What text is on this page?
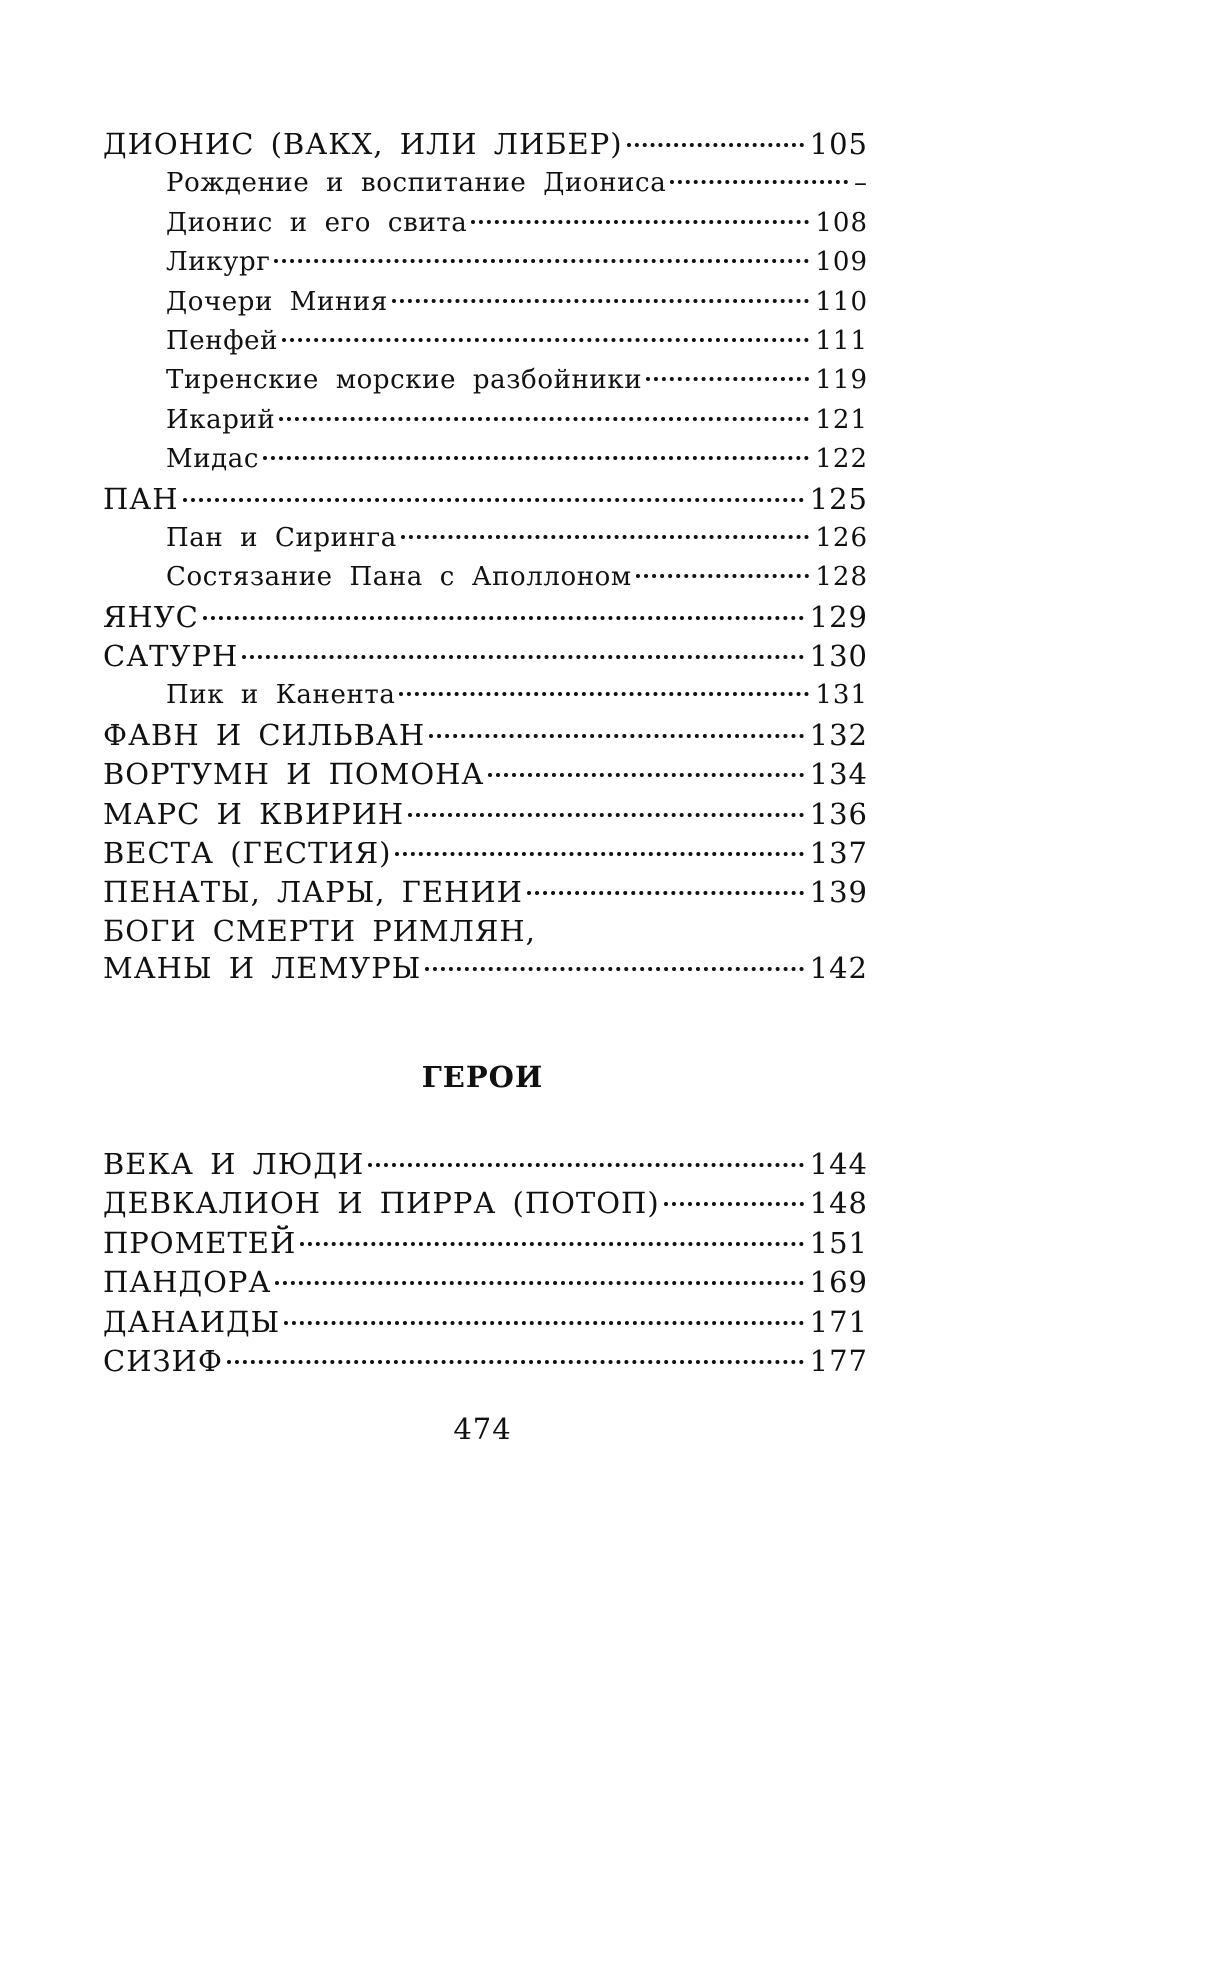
ДИОНИС (ВАКХ, ИЛИ ЛИБЕР)	105
Рождение и воспитание Диониса	–
Дионис и его свита	108
Ликург	109
Дочери Миния	110
Пенфей	111
Тиренские морские разбойники	119
Икарий	121
Мидас	122
ПАН	125
Пан и Сиринга	126
Состязание Пана с Аполлоном	128
ЯНУС	129
САТУРН	130
Пик и Канента	131
ФАВН И СИЛЬВАН	132
ВОРТУМН И ПОМОНА	134
МАРС И КВИРИН	136
ВЕСТА (ГЕСТИЯ)	137
ПЕНАТЫ, ЛАРЫ, ГЕНИИ	139
БОГИ СМЕРТИ РИМЛЯН,
МАНЫ И ЛЕМУРЫ	142
ГЕРОИ
ВЕКА И ЛЮДИ	144
ДЕВКАЛИОН И ПИРРА (ПОТОП)	148
ПРОМЕТЕЙ	151
ПАНДОРА	169
ДАНАИДЫ	171
СИЗИФ	177
474
